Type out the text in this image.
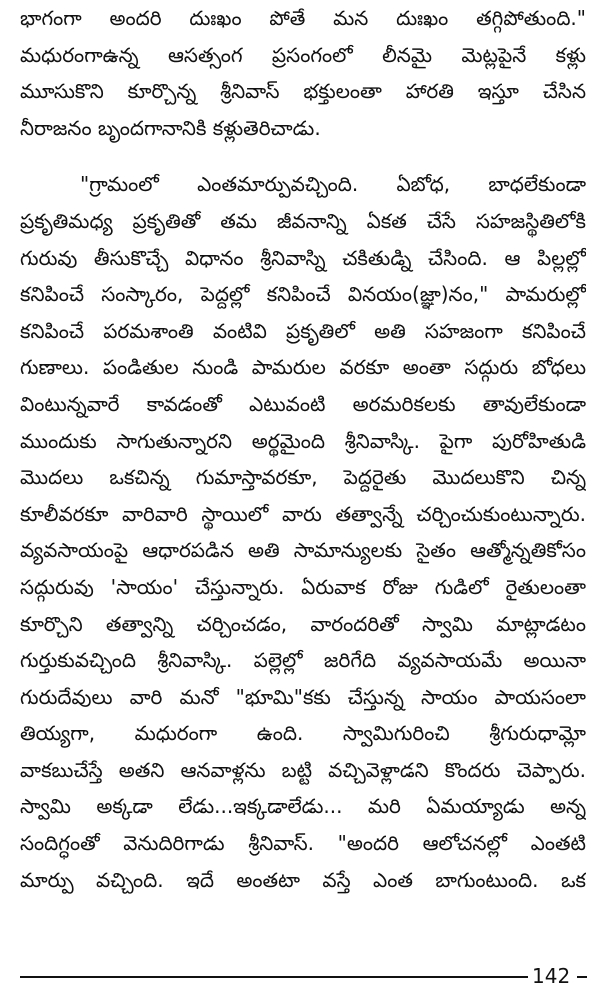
భాగంగా అందరి దుఃఖం పోతే మన దుఃఖం తగ్గిపోతుంది."
మధురంగాఉన్న ఆసత్సంగ ప్రసంగంలో లీనమై మెట్లపైనే కళ్లు
మూసుకొని కూర్చొన్న శ్రీనివాస్ భక్తులంతా హారతి ఇస్తూ చేసిన
నీరాజనం బృందగానానికి కళ్లుతెరిచాడు.
"గ్రామంలో ఎంతమార్పువచ్చింది. ఏబోధ, బాధలేకుండా
ప్రకృతిమధ్య ప్రకృతితో తమ జీవనాన్ని ఏకత చేసే సహజస్థితిలోకి
గురువు తీసుకొచ్చే విధానం శ్రీనివాస్ని చకితుడ్ని చేసింది. ఆ పిల్లల్లో
కనిపించే సంస్కారం, పెద్దల్లో కనిపించే వినయం(జ్ఞా)నం," పామరుల్లో
కనిపించే పరమశాంతి వంటివి ప్రకృతిలో అతి సహజంగా కనిపించే
గుణాలు. పండితుల నుండి పామరుల వరకూ అంతా సద్గురు బోధలు
వింటున్నవారే కావడంతో ఎటువంటి అరమరికలకు తావులేకుండా
ముందుకు సాగుతున్నారని అర్థమైంది శ్రీనివాస్కి. పైగా పురోహితుడి
మొదలు ఒకచిన్న గుమాస్తావరకూ, పెద్దరైతు మొదలుకొని చిన్న
కూలీవరకూ వారివారి స్థాయిలో వారు తత్వాన్నే చర్చించుకుంటున్నారు.
వ్యవసాయంపై ఆధారపడిన అతి సామాన్యులకు సైతం ఆత్మోన్నతికోసం
సద్గురువు 'సాయం' చేస్తున్నారు. ఏరువాక రోజు గుడిలో రైతులంతా
కూర్చొని తత్వాన్ని చర్చించడం, వారందరితో స్వామి మాట్లాడటం
గుర్తుకువచ్చింది శ్రీనివాస్కి. పల్లెల్లో జరిగేది వ్యవసాయమే అయినా
గురుదేవులు వారి మనో "భూమి"కకు చేస్తున్న సాయం పాయసంలా
తియ్యగా, మధురంగా ఉంది. స్వామిగురించి శ్రీగురుధామ్లో
వాకబుచేస్తే అతని ఆనవాళ్లను బట్టి వచ్చివెళ్లాడని కొందరు చెప్పారు.
స్వామి అక్కడా లేడు...ఇక్కడాలేడు... మరి ఏమయ్యాడు అన్న
సందిగ్ధంతో వెనుదిరిగాడు శ్రీనివాస్. "అందరి ఆలోచనల్లో ఎంతటి
మార్పు వచ్చింది. ఇదే అంతటా వస్తే ఎంత బాగుంటుంది. ఒక
142
